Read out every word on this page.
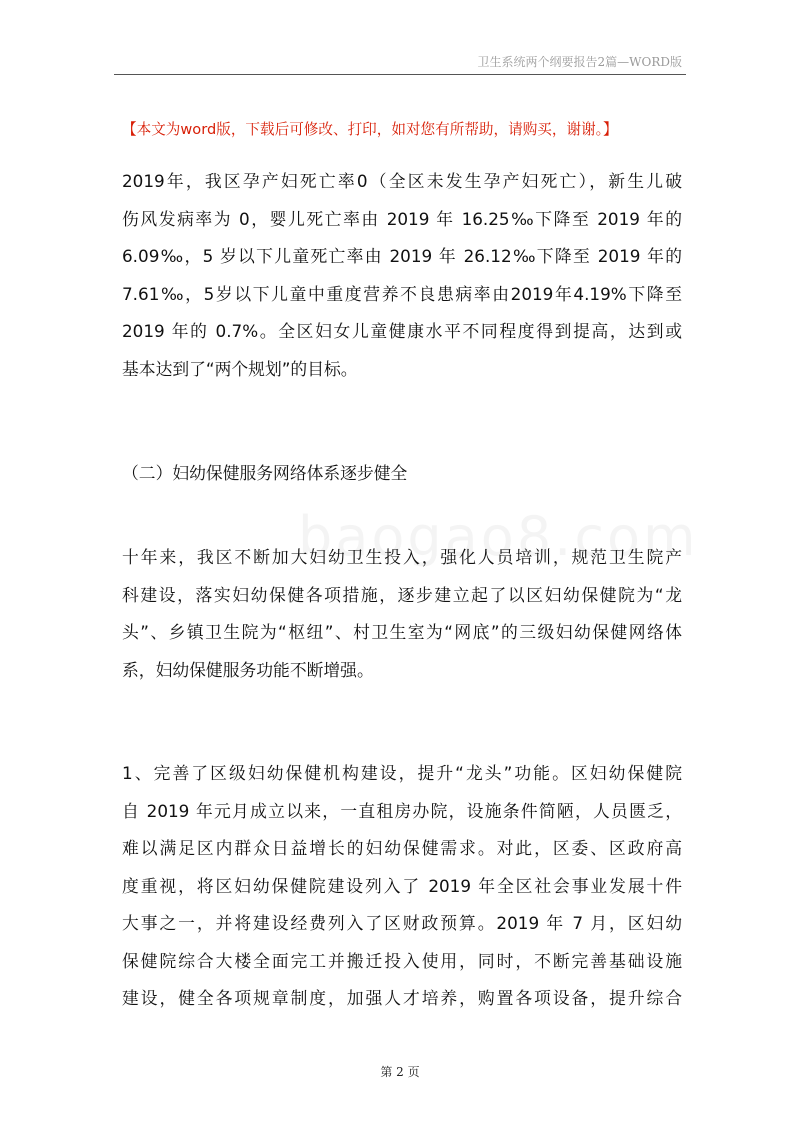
卫生系统两个纲要报告2篇—WORD版
【本文为word版，下载后可修改、打印，如对您有所帮助，请购买，谢谢。】
2019年，我区孕产妇死亡率0（全区未发生孕产妇死亡），新生儿破
伤风发病率为 0，婴儿死亡率由 2019 年 16.25‰下降至 2019 年的
6.09‰，5 岁以下儿童死亡率由 2019 年 26.12‰下降至 2019 年的
7.61‰，5岁以下儿童中重度营养不良患病率由2019年4.19%下降至
2019 年的 0.7%。全区妇女儿童健康水平不同程度得到提高，达到或
基本达到了“两个规划”的目标。
（二）妇幼保健服务网络体系逐步健全
十年来，我区不断加大妇幼卫生投入，强化人员培训，规范卫生院产
科建设，落实妇幼保健各项措施，逐步建立起了以区妇幼保健院为“龙
头”、乡镇卫生院为“枢纽”、村卫生室为“网底”的三级妇幼保健网络体
系，妇幼保健服务功能不断增强。
1、完善了区级妇幼保健机构建设，提升“龙头”功能。区妇幼保健院
自 2019 年元月成立以来，一直租房办院，设施条件简陋，人员匮乏，
难以满足区内群众日益增长的妇幼保健需求。对此，区委、区政府高
度重视，将区妇幼保健院建设列入了 2019 年全区社会事业发展十件
大事之一，并将建设经费列入了区财政预算。2019 年 7 月，区妇幼
保健院综合大楼全面完工并搬迁投入使用，同时，不断完善基础设施
建设，健全各项规章制度，加强人才培养，购置各项设备，提升综合
第 2 页
